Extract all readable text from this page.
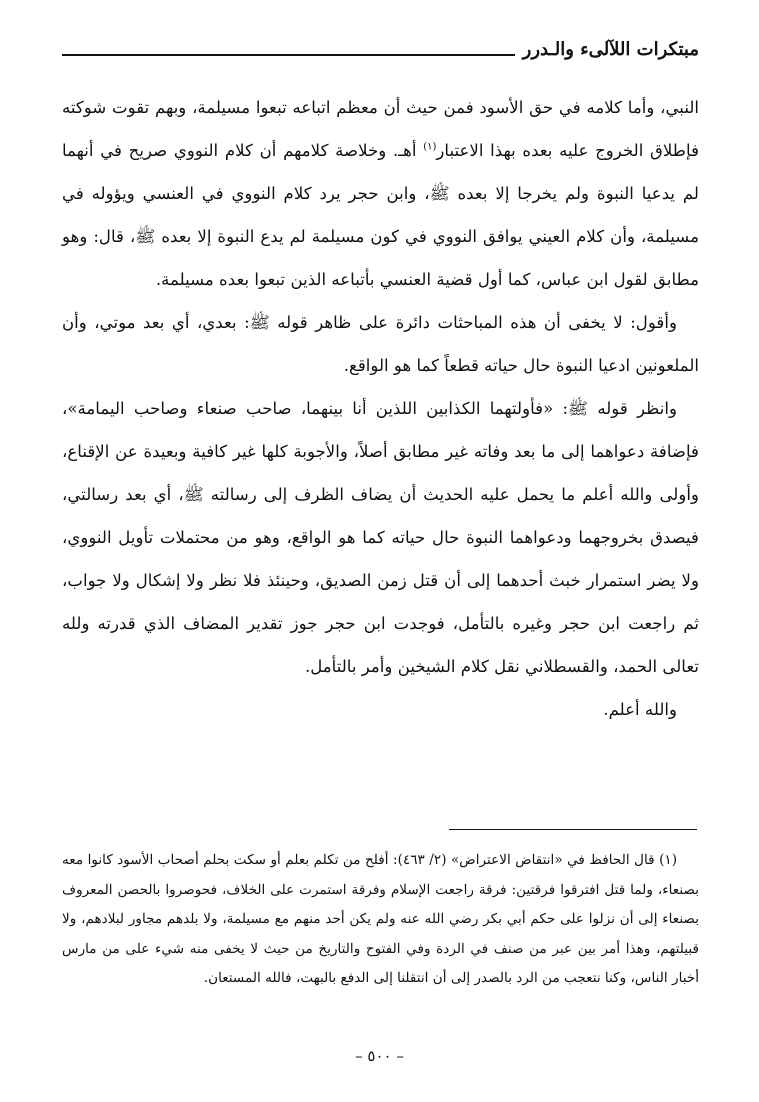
مبتكرات اللآلىء والـدرر

النبي، وأما كلامه في حق الأسود فمن حيث أن معظم اتباعه تبعوا مسيلمة، وبهم تقوت شوكته فإطلاق الخروج عليه بعده بهذا الاعتبار$^{(١)}$ أهـ. وخلاصة كلامهم أن كلام النووي صريح في أنهما لم يدعيا النبوة ولم يخرجا إلا بعده ﷺ، وابن حجر يرد كلام النووي في العنسي ويؤوله في مسيلمة، وأن كلام العيني يوافق النووي في كون مسيلمة لم يدع النبوة إلا بعده ﷺ، قال: وهو مطابق لقول ابن عباس، كما أول قضية العنسي بأتباعه الذين تبعوا بعده مسيلمة.

وأقول: لا يخفى أن هذه المباحثات دائرة على ظاهر قوله ﷺ: بعدي، أي بعد موتي، وأن الملعونين ادعيا النبوة حال حياته قطعاً كما هو الواقع.

وانظر قوله ﷺ: «فأولتهما الكذابين اللذين أنا بينهما، صاحب صنعاء وصاحب اليمامة»، فإضافة دعواهما إلى ما بعد وفاته غير مطابق أصلاً، والأجوبة كلها غير كافية وبعيدة عن الإقناع، وأولى والله أعلم ما يحمل عليه الحديث أن يضاف الظرف إلى رسالته ﷺ، أي بعد رسالتي، فيصدق بخروجهما ودعواهما النبوة حال حياته كما هو الواقع، وهو من محتملات تأويل النووي، ولا يضر استمرار خبث أحدهما إلى أن قتل زمن الصديق، وحينئذ فلا نظر ولا إشكال ولا جواب، ثم راجعت ابن حجر وغيره بالتأمل، فوجدت ابن حجر جوز تقدير المضاف الذي قدرته ولله تعالى الحمد، والقسطلاني نقل كلام الشيخين وأمر بالتأمل.

والله أعلم.

(١) قال الحافظ في «انتقاض الاعتراض» (٢/ ٤٦٣): أفلح من تكلم بعلم أو سكت بحلم أصحاب الأسود كانوا معه بصنعاء، ولما قتل افترقوا فرقتين: فرقة راجعت الإسلام وفرقة استمرت على الخلاف، فحوصروا بالحصن المعروف بصنعاء إلى أن نزلوا على حكم أبي بكر رضي الله عنه ولم يكن أحد منهم مع مسيلمة، ولا بلدهم مجاور لبلادهم، ولا قبيلتهم، وهذا أمر بين عبر من صنف في الردة وفي الفتوح والتاريخ من حيث لا يخفى منه شيء على من مارس أخبار الناس، وكنا نتعجب من الرد بالصدر إلى أن انتقلنا إلى الدفع بالبهت، فالله المستعان.

– ٥٠٠ –
